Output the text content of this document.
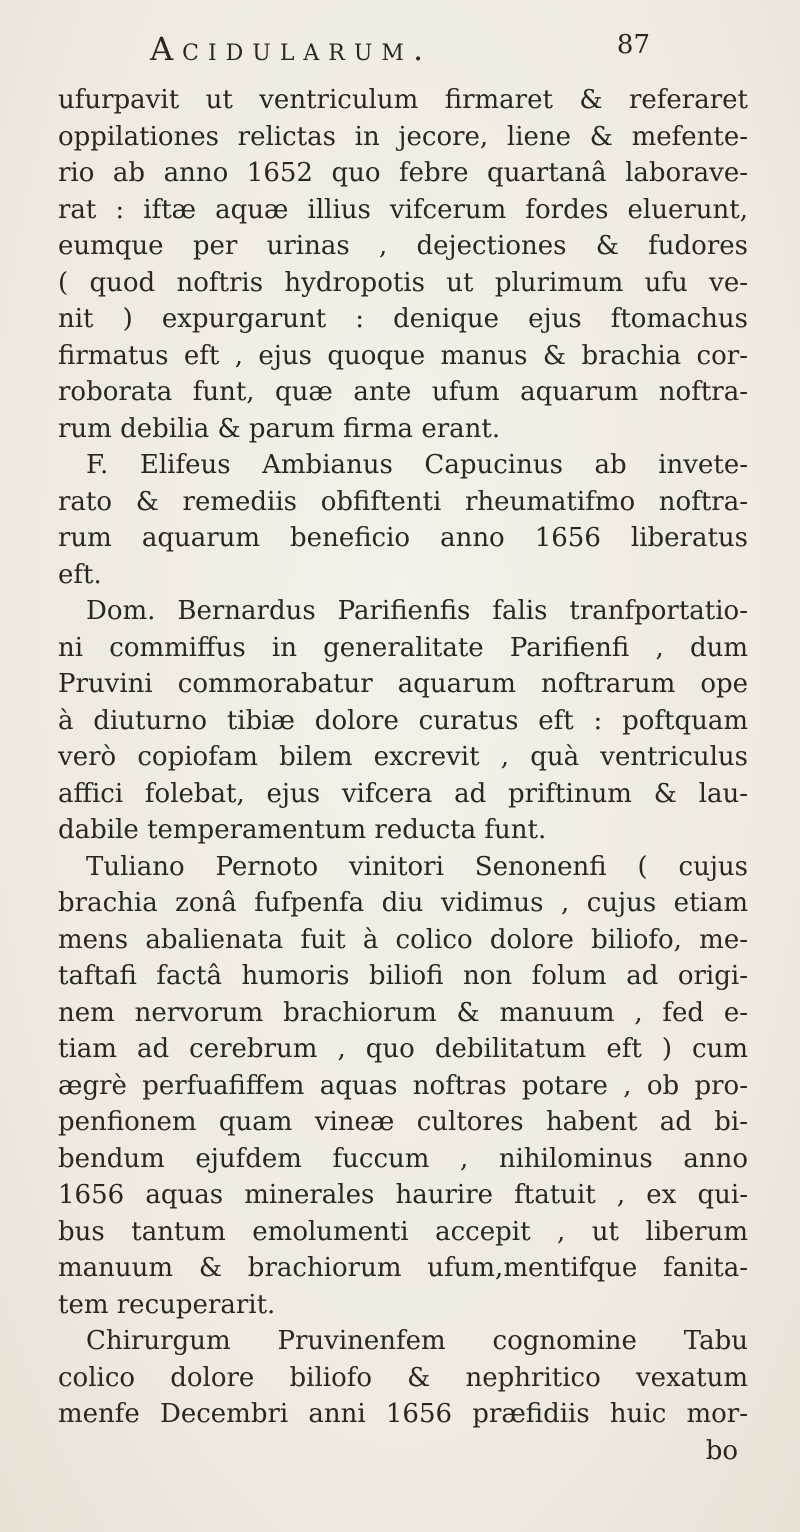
Acidularum.	87
ufurpavit ut ventriculum firmaret & referaret
oppilationes relictas in jecore, liene & mefente-
rio ab anno 1652 quo febre quartanâ laborave-
rat : iftæ aquæ illius vifcerum fordes eluerunt,
eumque per urinas , dejectiones & fudores
( quod noftris hydropotis ut plurimum ufu ve-
nit ) expurgarunt : denique ejus ftomachus
firmatus eft , ejus quoque manus & brachia cor-
roborata funt, quæ ante ufum aquarum noftra-
rum debilia & parum firma erant.
F. Elifeus Ambianus Capucinus ab invete-
rato & remediis obfiftenti rheumatifmo noftra-
rum aquarum beneficio anno 1656 liberatus
eft.
Dom. Bernardus Parifienfis falis tranfportatio-
ni commiffus in generalitate Parifienfi , dum
Pruvini commorabatur aquarum noftrarum ope
à diuturno tibiæ dolore curatus eft : poftquam
verò copiofam bilem excrevit , quà ventriculus
affici folebat, ejus vifcera ad priftinum & lau-
dabile temperamentum reducta funt.
Tuliano Pernoto vinitori Senonenfi ( cujus
brachia zonâ fufpenfa diu vidimus , cujus etiam
mens abalienata fuit à colico dolore biliofo, me-
taftafi factâ humoris biliofi non folum ad origi-
nem nervorum brachiorum & manuum , fed e-
tiam ad cerebrum , quo debilitatum eft ) cum
ægrè perfuafiffem aquas noftras potare , ob pro-
penfionem quam vineæ cultores habent ad bi-
bendum ejufdem fuccum , nihilominus anno
1656 aquas minerales haurire ftatuit , ex qui-
bus tantum emolumenti accepit , ut liberum
manuum & brachiorum ufum,mentifque fanita-
tem recuperarit.
Chirurgum Pruvinenfem cognomine Tabu
colico dolore biliofo & nephritico vexatum
menfe Decembri anni 1656 præfidiis huic mor-
bo
